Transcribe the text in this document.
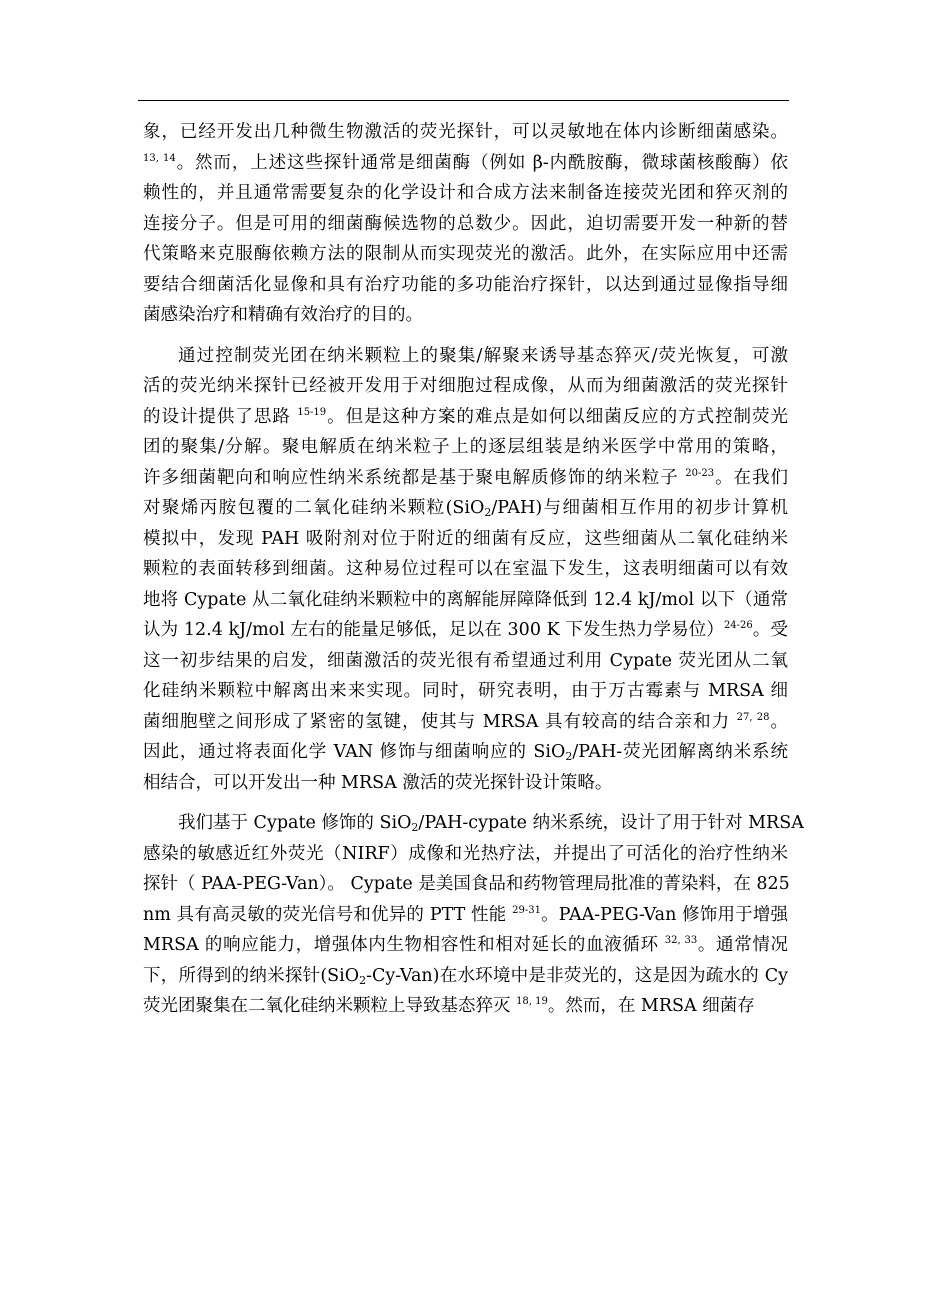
象，已经开发出几种微生物激活的荧光探针，可以灵敏地在体内诊断细菌感染。
$^{13, 14}$。然而，上述这些探针通常是细菌酶（例如 β-内酰胺酶，微球菌核酸酶）依
赖性的，并且通常需要复杂的化学设计和合成方法来制备连接荧光团和猝灭剂的
连接分子。但是可用的细菌酶候选物的总数少。因此，迫切需要开发一种新的替
代策略来克服酶依赖方法的限制从而实现荧光的激活。此外，在实际应用中还需
要结合细菌活化显像和具有治疗功能的多功能治疗探针，以达到通过显像指导细
菌感染治疗和精确有效治疗的目的。
通过控制荧光团在纳米颗粒上的聚集/解聚来诱导基态猝灭/荧光恢复，可激
活的荧光纳米探针已经被开发用于对细胞过程成像，从而为细菌激活的荧光探针
的设计提供了思路 $^{15-19}$。但是这种方案的难点是如何以细菌反应的方式控制荧光
团的聚集/分解。聚电解质在纳米粒子上的逐层组装是纳米医学中常用的策略，
许多细菌靶向和响应性纳米系统都是基于聚电解质修饰的纳米粒子 $^{20-23}$。在我们
对聚烯丙胺包覆的二氧化硅纳米颗粒(SiO$_2$/PAH)与细菌相互作用的初步计算机
模拟中，发现 PAH 吸附剂对位于附近的细菌有反应，这些细菌从二氧化硅纳米
颗粒的表面转移到细菌。这种易位过程可以在室温下发生，这表明细菌可以有效
地将 Cypate 从二氧化硅纳米颗粒中的离解能屏障降低到 12.4 kJ/mol 以下（通常
认为 12.4 kJ/mol 左右的能量足够低，足以在 300 K 下发生热力学易位）$^{24-26}$。受
这一初步结果的启发，细菌激活的荧光很有希望通过利用 Cypate 荧光团从二氧
化硅纳米颗粒中解离出来来实现。同时，研究表明，由于万古霉素与 MRSA 细
菌细胞壁之间形成了紧密的氢键，使其与 MRSA 具有较高的结合亲和力 $^{27, 28}$。
因此，通过将表面化学 VAN 修饰与细菌响应的 SiO$_2$/PAH-荧光团解离纳米系统
相结合，可以开发出一种 MRSA 激活的荧光探针设计策略。
我们基于 Cypate 修饰的 SiO$_2$/PAH-cypate 纳米系统，设计了用于针对 MRSA
感染的敏感近红外荧光（NIRF）成像和光热疗法，并提出了可活化的治疗性纳米
探针（ PAA-PEG-Van）。 Cypate 是美国食品和药物管理局批准的菁染料，在 825
nm 具有高灵敏的荧光信号和优异的 PTT 性能 $^{29-31}$。PAA-PEG-Van 修饰用于增强
MRSA 的响应能力，增强体内生物相容性和相对延长的血液循环 $^{32, 33}$。通常情况
下，所得到的纳米探针(SiO$_2$-Cy-Van)在水环境中是非荧光的，这是因为疏水的 Cy
荧光团聚集在二氧化硅纳米颗粒上导致基态猝灭 $^{18, 19}$。然而，在 MRSA 细菌存
